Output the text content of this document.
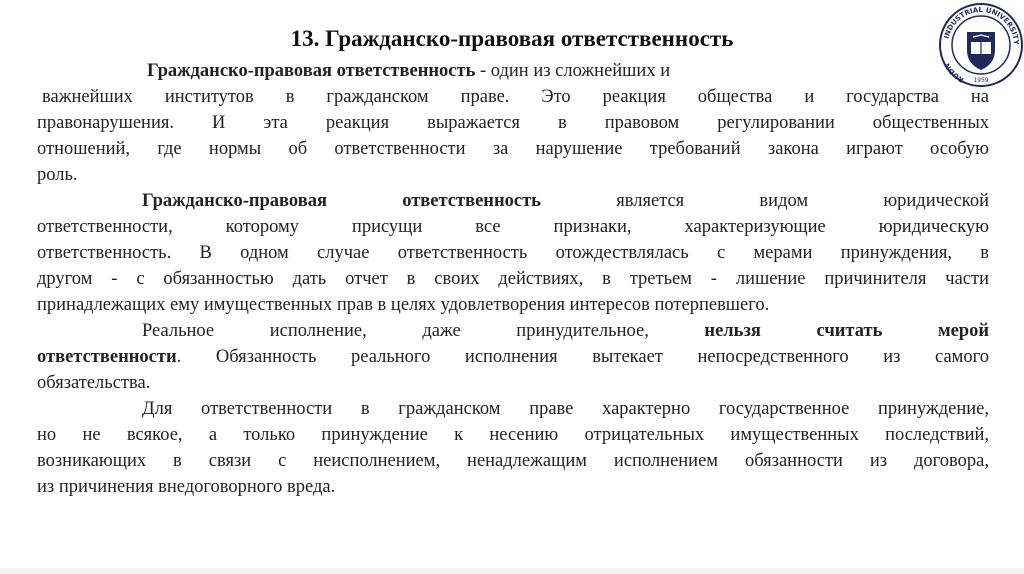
13. Гражданско-правовая ответственность	INDUSTRIAL UNIVERSITY
RUDN
1959
Гражданско-правовая ответственность - один из сложнейших и
важнейших институтов в гражданском праве. Это реакция общества и государства на
правонарушения. И эта реакция выражается в правовом регулировании общественных
отношений, где нормы об ответственности за нарушение требований закона играют особую
роль.
Гражданско-правовая ответственность является видом юридической
ответственности, которому присущи все признаки, характеризующие юридическую
ответственность. В одном случае ответственность отождествлялась с мерами принуждения, в
другом - с обязанностью дать отчет в своих действиях, в третьем - лишение причинителя части
принадлежащих ему имущественных прав в целях удовлетворения интересов потерпевшего.
Реальное исполнение, даже принудительное, нельзя считать мерой
ответственности. Обязанность реального исполнения вытекает непосредственного из самого
обязательства.
Для ответственности в гражданском праве характерно государственное принуждение,
но не всякое, а только принуждение к несению отрицательных имущественных последствий,
возникающих в связи с неисполнением, ненадлежащим исполнением обязанности из договора,
из причинения внедоговорного вреда.
